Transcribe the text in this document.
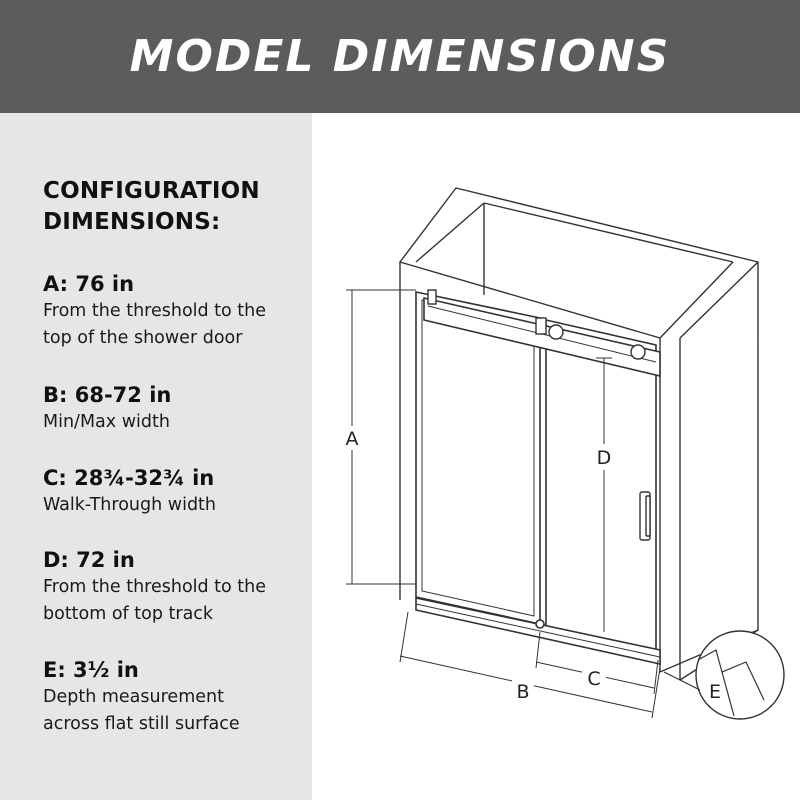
MODEL DIMENSIONS
CONFIGURATION
DIMENSIONS:
A: 76 in
From the threshold to the
top of the shower door
B: 68-72 in
Min/Max width
C: 28¾-32¾ in
Walk-Through width
D: 72 in
From the threshold to the
bottom of top track
E: 3½ in
Depth measurement
across flat still surface
A
D
B
C
E
